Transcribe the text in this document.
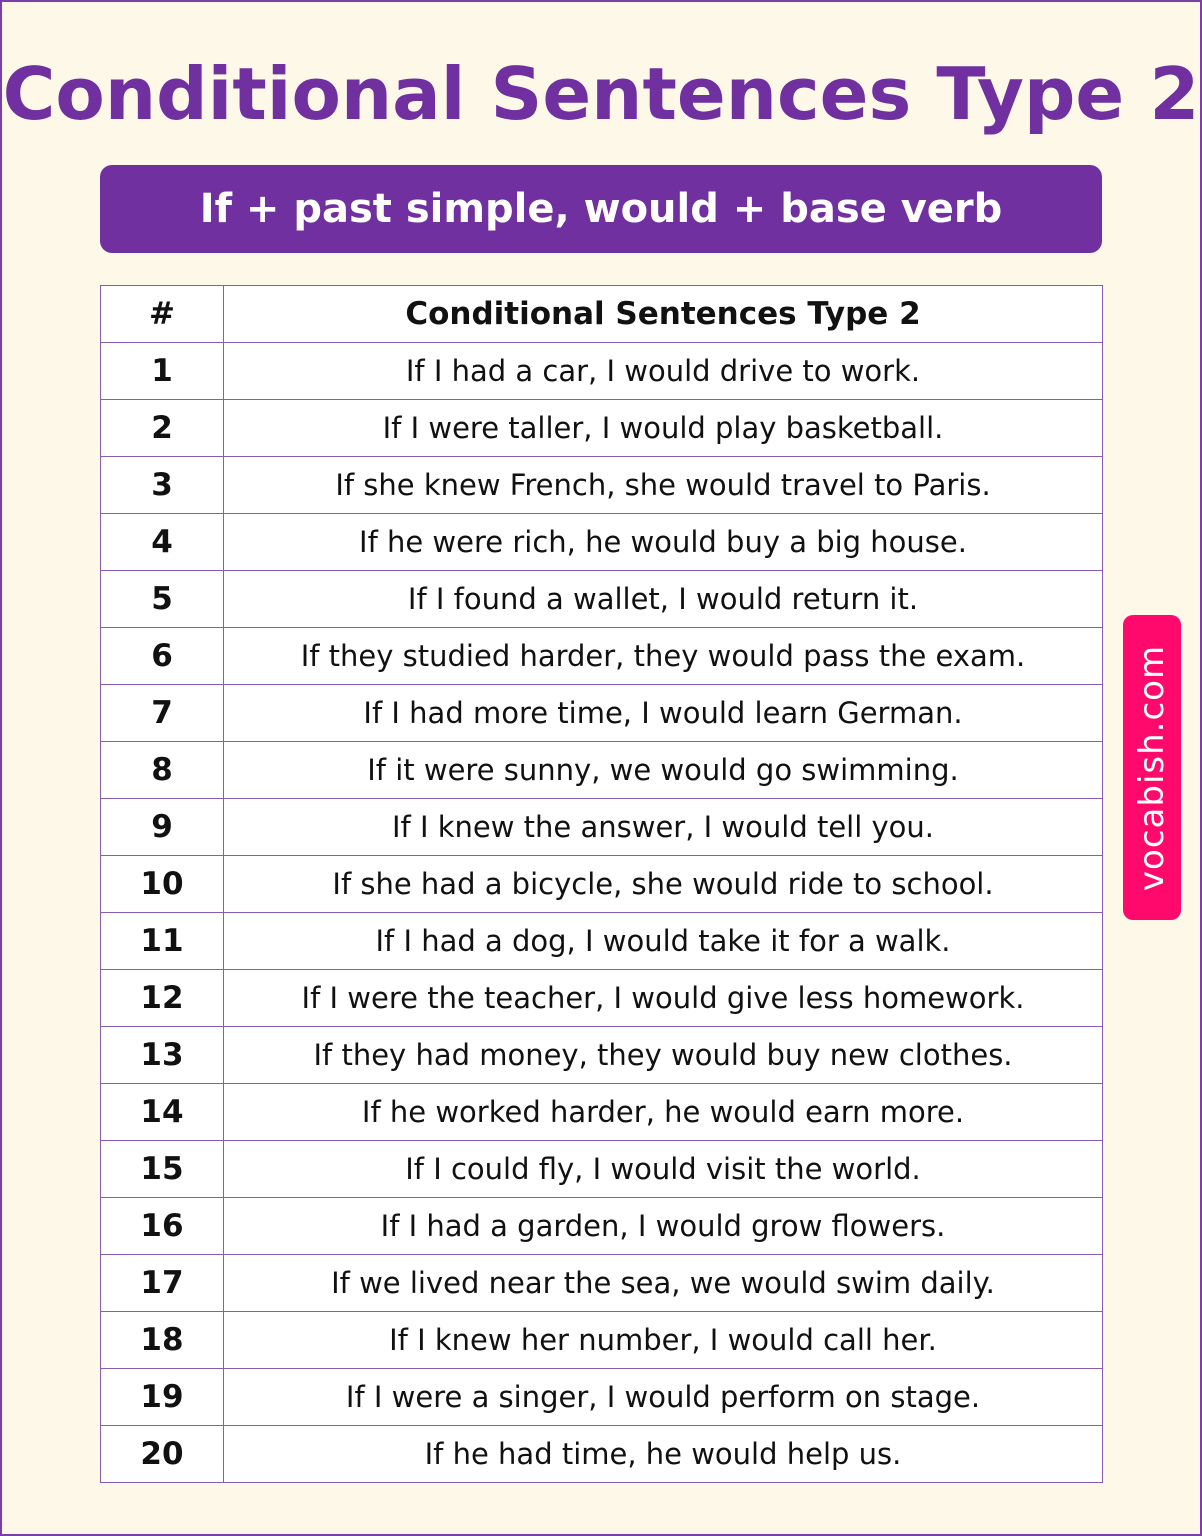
Conditional Sentences Type 2
If + past simple, would + base verb
#	Conditional Sentences Type 2
1	If I had a car, I would drive to work.
2	If I were taller, I would play basketball.
3	If she knew French, she would travel to Paris.
4	If he were rich, he would buy a big house.
5	If I found a wallet, I would return it.
6	If they studied harder, they would pass the exam.
7	If I had more time, I would learn German.
8	If it were sunny, we would go swimming.
9	If I knew the answer, I would tell you.
10	If she had a bicycle, she would ride to school.
11	If I had a dog, I would take it for a walk.
12	If I were the teacher, I would give less homework.
13	If they had money, they would buy new clothes.
14	If he worked harder, he would earn more.
15	If I could fly, I would visit the world.
16	If I had a garden, I would grow flowers.
17	If we lived near the sea, we would swim daily.
18	If I knew her number, I would call her.
19	If I were a singer, I would perform on stage.
20	If he had time, he would help us.
vocabish.com
